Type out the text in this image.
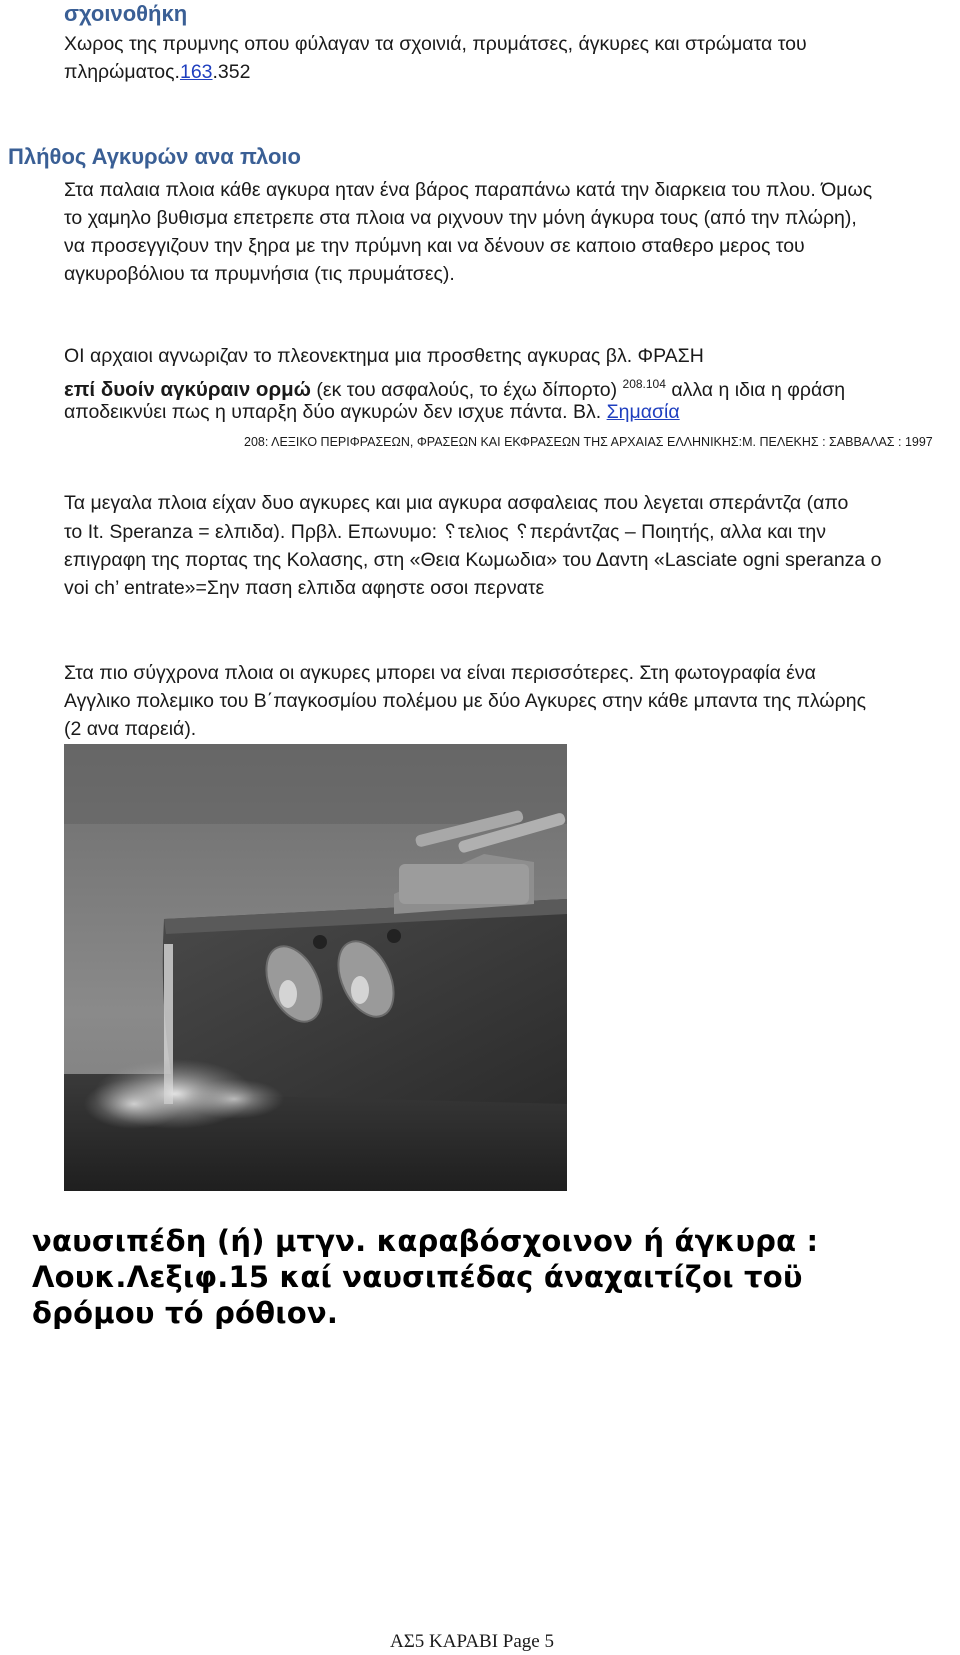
σχοινοθήκη
Χωρος της πρυμνης οπου φύλαγαν τα σχοινιά, πρυμάτσες, άγκυρες και στρώματα του
πληρώματος.163.352
Πλήθος Αγκυρών ανα πλοιο
Στα παλαια πλοια κάθε αγκυρα ηταν ένα βάρος παραπάνω κατά την διαρκεια του πλου. Όμως
το χαμηλο βυθισμα επετρεπε στα πλοια να ριχνουν την μόνη άγκυρα τους (από την πλώρη),
να προσεγγιζουν την ξηρα με την πρύμνη και να δένουν σε καποιο σταθερο μερος του
αγκυροβόλιου τα πρυμνήσια (τις πρυμάτσες).
ΟΙ αρχαιοι αγνωριζαν το πλεονεκτημα μια προσθετης αγκυρας βλ. ΦΡΑΣΗ
επί δυοίν αγκύραιν ορμώ (εκ του ασφαλούς, το έχω δίπορτο) $^{208.104}$ αλλα η ιδια η φράση
αποδεικνύει πως η υπαρξη δύο αγκυρών δεν ισχυε πάντα. Βλ. Σημασία
208: ΛΕΞΙΚΟ ΠΕΡΙΦΡΑΣΕΩΝ, ΦΡΑΣΕΩΝ ΚΑΙ ΕΚΦΡΑΣΕΩΝ ΤΗΣ ΑΡΧΑΙΑΣ ΕΛΛΗΝΙΚΗΣ:Μ. ΠΕΛΕΚΗΣ : ΣΑΒΒΑΛΑΣ : 1997
Τα μεγαλα πλοια είχαν δυο αγκυρες και μια αγκυρα ασφαλειας που λεγεται σπεράντζα (απο
το It. Speranza = ελπιδα). Πρβλ. Επωνυμο: ␦τελιος ␦περάντζας – Ποιητής, αλλα και την
επιγραφη της πορτας της Κολασης, στη «Θεια Κωμωδια» του Δαντη «Lasciate ogni speranza o
voi ch’ entrate»=Σην παση ελπιδα αφηστε οσοι περνατε
Στα πιο σύγχρονα πλοια οι αγκυρες μπορει να είναι περισσότερες. Στη φωτογραφία ένα
Αγγλικο πολεμικο του Β΄παγκοσμίου πολέμου με δύο Αγκυρες στην κάθε μπαντα της πλώρης
(2 ανα παρειά).
ναυσιπέδη (ή) μτγν. καραβόσχοινον ή άγκυρα :
Λουκ.Λεξιφ.15 καί ναυσιπέδας άναχαιτίζοι τοϋ
δρόμου τό ρόθιον.
ΑΣ5 ΚΑΡΑΒΙ Page 5
